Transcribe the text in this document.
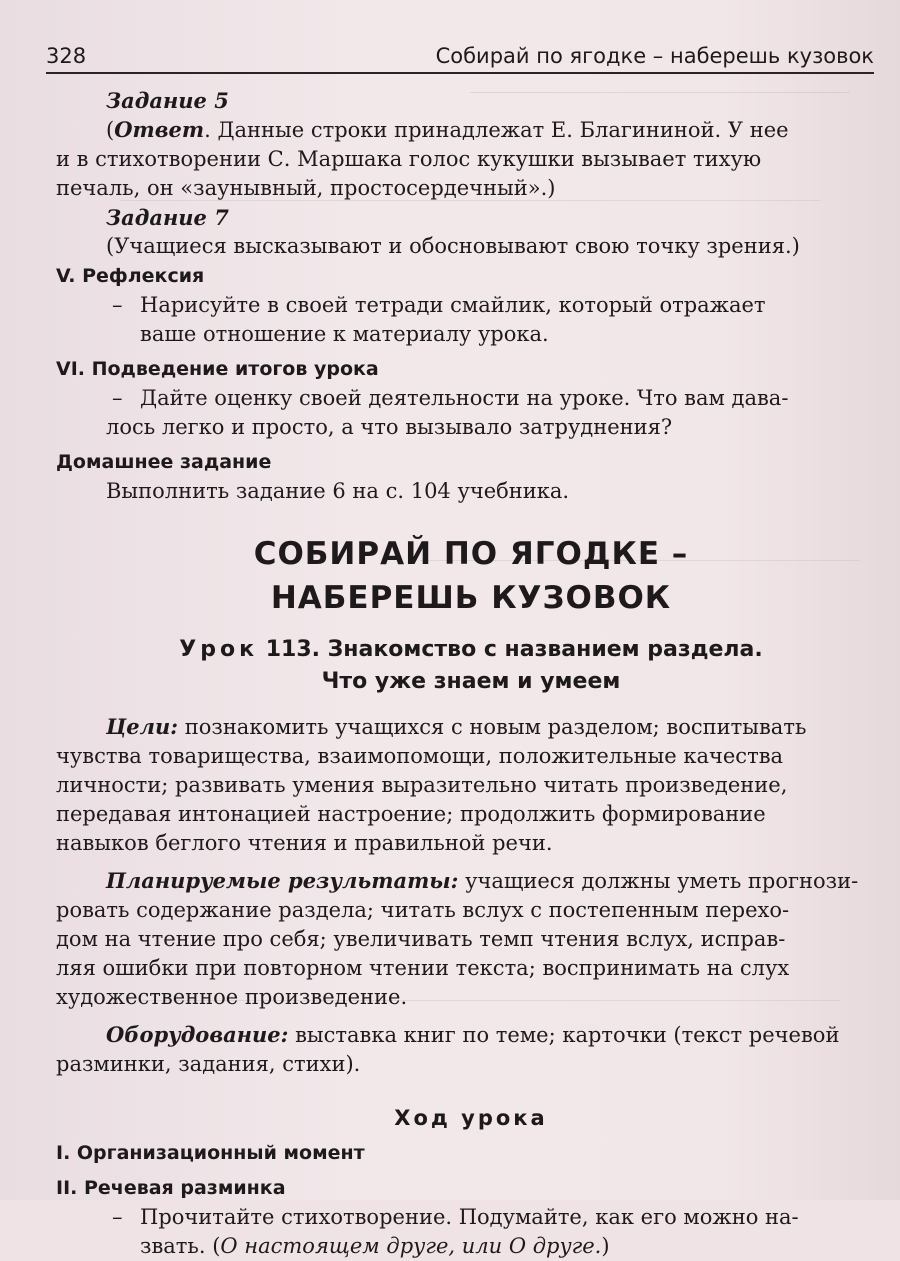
328	Собирай по ягодке – наберешь кузовок
Задание 5
(Ответ. Данные строки принадлежат Е. Благининой. У нее
и в стихотворении С. Маршака голос кукушки вызывает тихую
печаль, он «заунывный, простосердечный».)
Задание 7
(Учащиеся высказывают и обосновывают свою точку зрения.)
V. Рефлексия
– Нарисуйте в своей тетради смайлик, который отражает
ваше отношение к материалу урока.
VI. Подведение итогов урока
– Дайте оценку своей деятельности на уроке. Что вам дава-
лось легко и просто, а что вызывало затруднения?
Домашнее задание
Выполнить задание 6 на с. 104 учебника.
СОБИРАЙ ПО ЯГОДКЕ –
НАБЕРЕШЬ КУЗОВОК
Урок 113. Знакомство с названием раздела.
Что уже знаем и умеем
Цели: познакомить учащихся с новым разделом; воспитывать
чувства товарищества, взаимопомощи, положительные качества
личности; развивать умения выразительно читать произведение,
передавая интонацией настроение; продолжить формирование
навыков беглого чтения и правильной речи.
Планируемые результаты: учащиеся должны уметь прогнози-
ровать содержание раздела; читать вслух с постепенным перехо-
дом на чтение про себя; увеличивать темп чтения вслух, исправ-
ляя ошибки при повторном чтении текста; воспринимать на слух
художественное произведение.
Оборудование: выставка книг по теме; карточки (текст речевой
разминки, задания, стихи).
Ход урока
I. Организационный момент
II. Речевая разминка
– Прочитайте стихотворение. Подумайте, как его можно на-
звать. (О настоящем друге, или О друге.)
